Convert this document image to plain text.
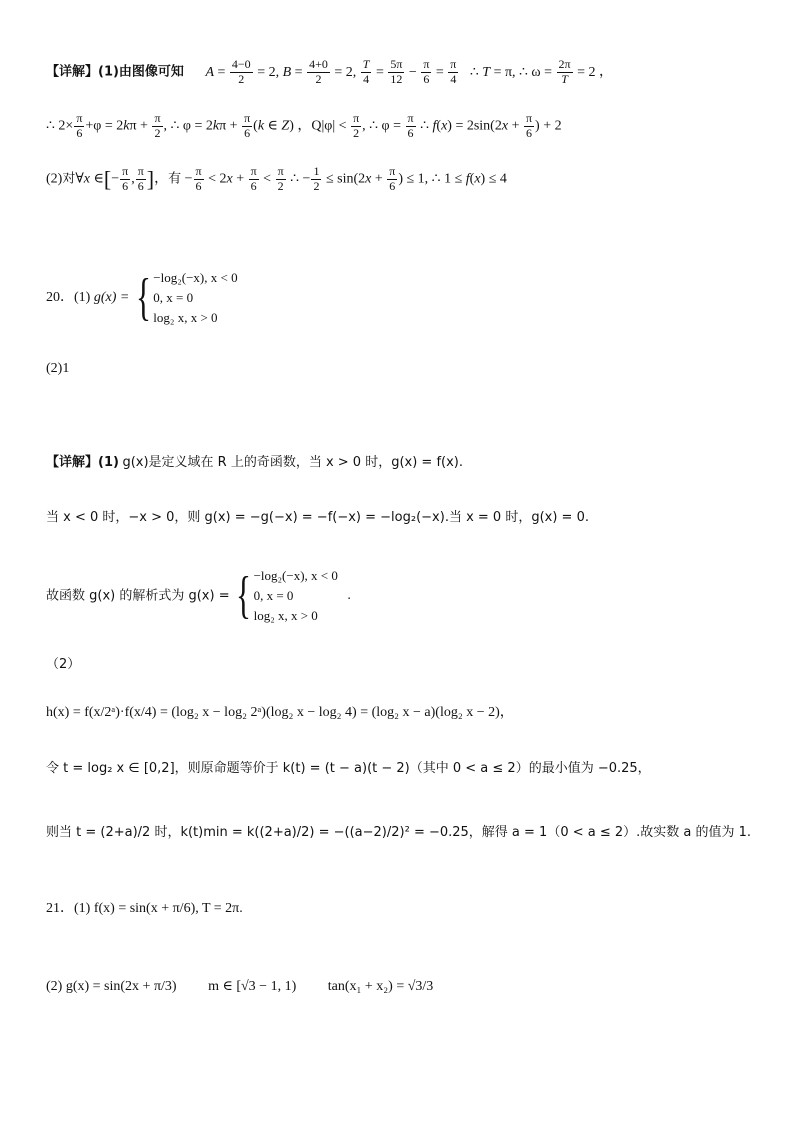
【详解】(1)由图像可知 $A = \frac{4-0}{2} = 2$, $B = \frac{4+0}{2} = 2$, $\frac{T}{4} = \frac{5\pi}{12} - \frac{\pi}{6} = \frac{\pi}{4}$ ∴ T = π, ∴ $\omega = \frac{2\pi}{T} = 2$ ，
∴ $2\times \frac{\pi}{6} +\varphi = 2k\pi + \frac{\pi}{2}$ , ∴ $\varphi = 2k\pi + \frac{\pi}{6} (k$ ∈ Z) ，$Q|\varphi| < \frac{\pi}{2}$ , ∴ $\varphi = \frac{\pi}{6}$ ∴ $f(x) = 2\sin(2x + \frac{\pi}{6}$ ) + 2
(2)对∀x ∈[− $\frac{\pi}{6}$ , $\frac{\pi}{6}$ ]，有 − $\frac{\pi}{6} < 2x + \frac{\pi}{6} < \frac{\pi}{2}$ ∴ − $\frac{1}{2} \le \sin(2x + \frac{\pi}{6}$ ) ≤ 1, ∴ 1 ≤ f(x) ≤ 4
20．(1) g(x) = { −log₂(−x), x < 0
0, x = 0
log₂ x, x > 0
(2)1
【详解】(1) g(x)是定义域在 R 上的奇函数，当 x > 0 时，g(x) = f(x).
当 x < 0 时，−x > 0，则 g(x) = −g(−x) = −f(−x) = −log₂(−x).当 x = 0 时，g(x) = 0.
故函数 g(x) 的解析式为 g(x) = { −log₂(−x), x < 0
0, x = 0
log₂ x, x > 0
.
（2）
h(x) = f(x/2ᵃ)·f(x/4) = (log₂ x − log₂ 2ᵃ)(log₂ x − log₂ 4) = (log₂ x − a)(log₂ x − 2)，
令 t = log₂ x ∈ [0,2]，则原命题等价于 k(t) = (t − a)(t − 2)（其中 0 < a ≤ 2）的最小值为 −0.25，
则当 t = (2+a)/2 时，k(t)min = k((2+a)/2) = −((a−2)/2)² = −0.25，解得 a = 1（0 < a ≤ 2）.故实数 a 的值为 1.
21．(1) f(x) = sin(x + π/6), T = 2π.
(2) g(x) = sin(2x + π/3) m ∈ [√3 − 1, 1) tan(x₁ + x₂) = √3/3
